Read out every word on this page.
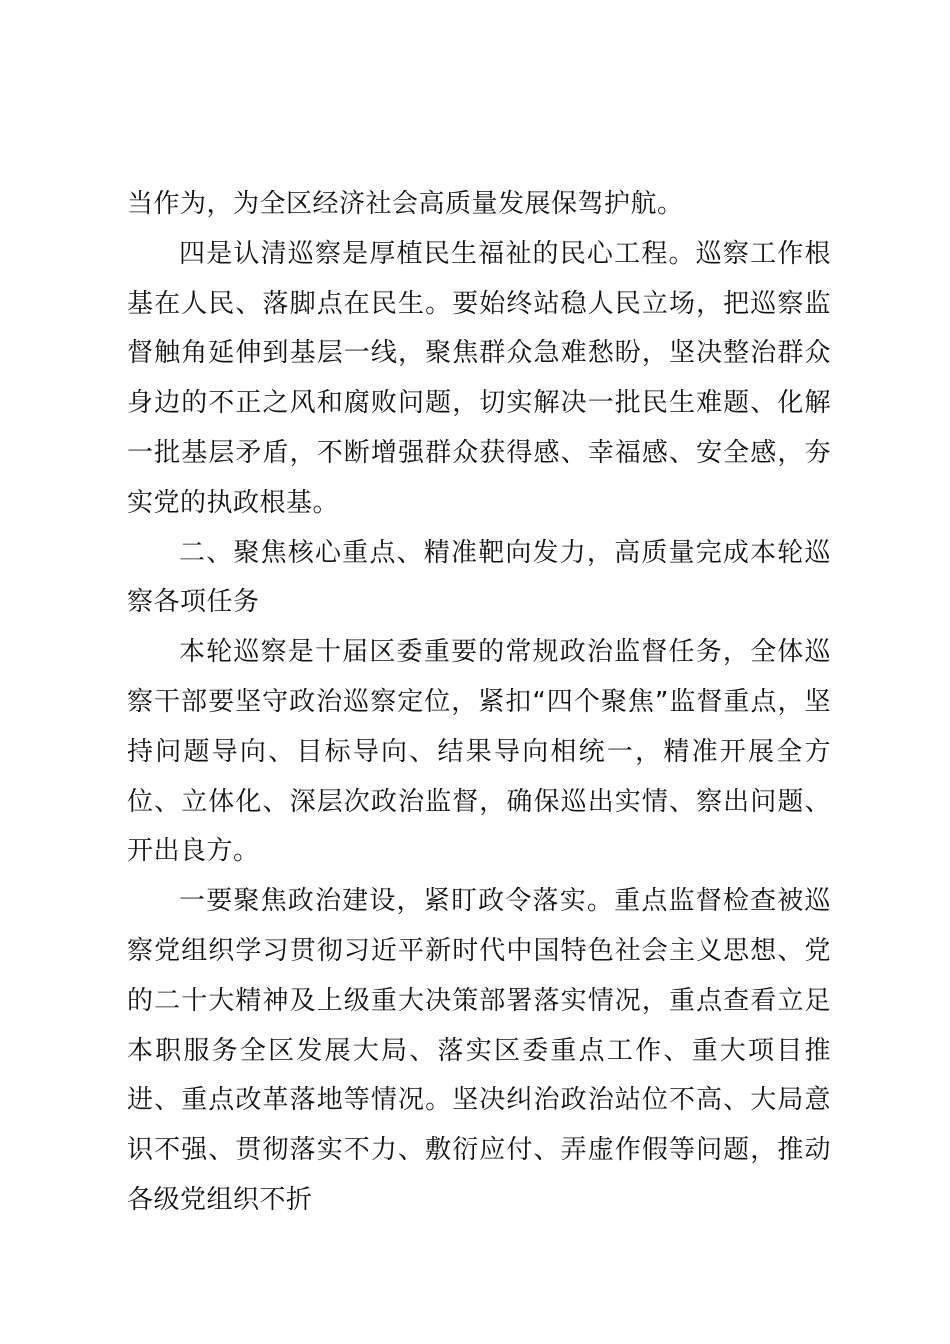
当作为，为全区经济社会高质量发展保驾护航。

四是认清巡察是厚植民生福祉的民心工程。巡察工作根基在人民、落脚点在民生。要始终站稳人民立场，把巡察监督触角延伸到基层一线，聚焦群众急难愁盼，坚决整治群众身边的不正之风和腐败问题，切实解决一批民生难题、化解一批基层矛盾，不断增强群众获得感、幸福感、安全感，夯实党的执政根基。

二、聚焦核心重点、精准靶向发力，高质量完成本轮巡察各项任务

本轮巡察是十届区委重要的常规政治监督任务，全体巡察干部要坚守政治巡察定位，紧扣“四个聚焦”监督重点，坚持问题导向、目标导向、结果导向相统一，精准开展全方位、立体化、深层次政治监督，确保巡出实情、察出问题、开出良方。

一要聚焦政治建设，紧盯政令落实。重点监督检查被巡察党组织学习贯彻习近平新时代中国特色社会主义思想、党的二十大精神及上级重大决策部署落实情况，重点查看立足本职服务全区发展大局、落实区委重点工作、重大项目推进、重点改革落地等情况。坚决纠治政治站位不高、大局意识不强、贯彻落实不力、敷衍应付、弄虚作假等问题，推动各级党组织不折
